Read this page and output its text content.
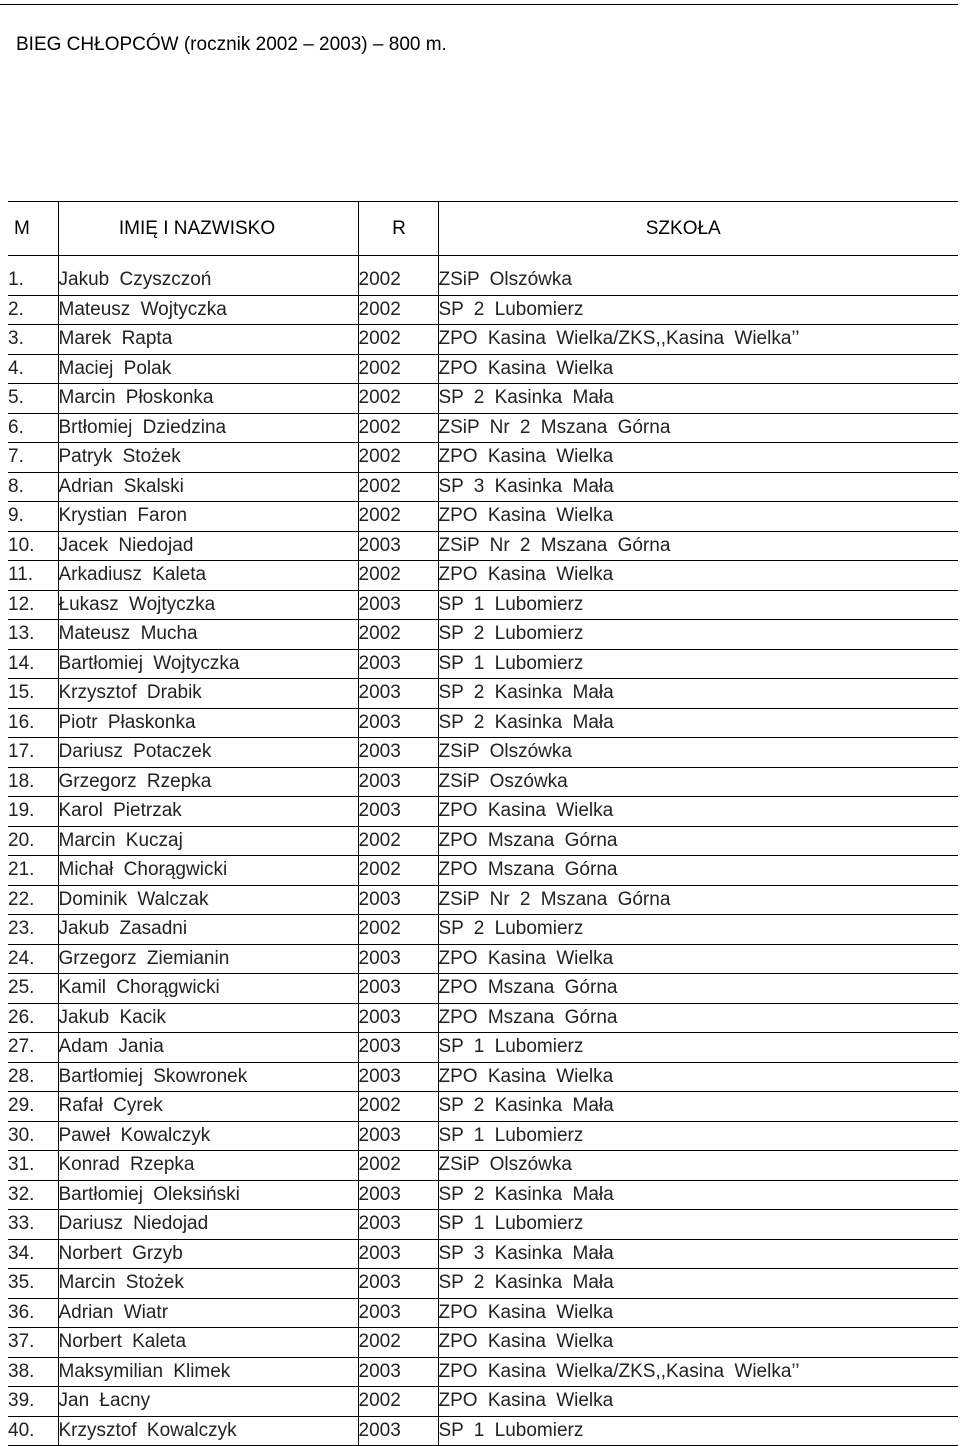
BIEG CHŁOPCÓW (rocznik 2002 – 2003) – 800 m.
M	IMIĘ I NAZWISKO	R	SZKOŁA
1.	Jakub Czyszczoń	2002	ZSiP Olszówka
2.	Mateusz Wojtyczka	2002	SP 2 Lubomierz
3.	Marek Rapta	2002	ZPO Kasina Wielka/ZKS,,Kasina Wielka’’
4.	Maciej Polak	2002	ZPO Kasina Wielka
5.	Marcin Płoskonka	2002	SP 2 Kasinka Mała
6.	Brtłomiej Dziedzina	2002	ZSiP Nr 2 Mszana Górna
7.	Patryk Stożek	2002	ZPO Kasina Wielka
8.	Adrian Skalski	2002	SP 3 Kasinka Mała
9.	Krystian Faron	2002	ZPO Kasina Wielka
10.	Jacek Niedojad	2003	ZSiP Nr 2 Mszana Górna
11.	Arkadiusz Kaleta	2002	ZPO Kasina Wielka
12.	Łukasz Wojtyczka	2003	SP 1 Lubomierz
13.	Mateusz Mucha	2002	SP 2 Lubomierz
14.	Bartłomiej Wojtyczka	2003	SP 1 Lubomierz
15.	Krzysztof Drabik	2003	SP 2 Kasinka Mała
16.	Piotr Płaskonka	2003	SP 2 Kasinka Mała
17.	Dariusz Potaczek	2003	ZSiP Olszówka
18.	Grzegorz Rzepka	2003	ZSiP Oszówka
19.	Karol Pietrzak	2003	ZPO Kasina Wielka
20.	Marcin Kuczaj	2002	ZPO Mszana Górna
21.	Michał Chorągwicki	2002	ZPO Mszana Górna
22.	Dominik Walczak	2003	ZSiP Nr 2 Mszana Górna
23.	Jakub Zasadni	2002	SP 2 Lubomierz
24.	Grzegorz Ziemianin	2003	ZPO Kasina Wielka
25.	Kamil Chorągwicki	2003	ZPO Mszana Górna
26.	Jakub Kacik	2003	ZPO Mszana Górna
27.	Adam Jania	2003	SP 1 Lubomierz
28.	Bartłomiej Skowronek	2003	ZPO Kasina Wielka
29.	Rafał Cyrek	2002	SP 2 Kasinka Mała
30.	Paweł Kowalczyk	2003	SP 1 Lubomierz
31.	Konrad Rzepka	2002	ZSiP Olszówka
32.	Bartłomiej Oleksiński	2003	SP 2 Kasinka Mała
33.	Dariusz Niedojad	2003	SP 1 Lubomierz
34.	Norbert Grzyb	2003	SP 3 Kasinka Mała
35.	Marcin Stożek	2003	SP 2 Kasinka Mała
36.	Adrian Wiatr	2003	ZPO Kasina Wielka
37.	Norbert Kaleta	2002	ZPO Kasina Wielka
38.	Maksymilian Klimek	2003	ZPO Kasina Wielka/ZKS,,Kasina Wielka’’
39.	Jan Łacny	2002	ZPO Kasina Wielka
40.	Krzysztof Kowalczyk	2003	SP 1 Lubomierz
